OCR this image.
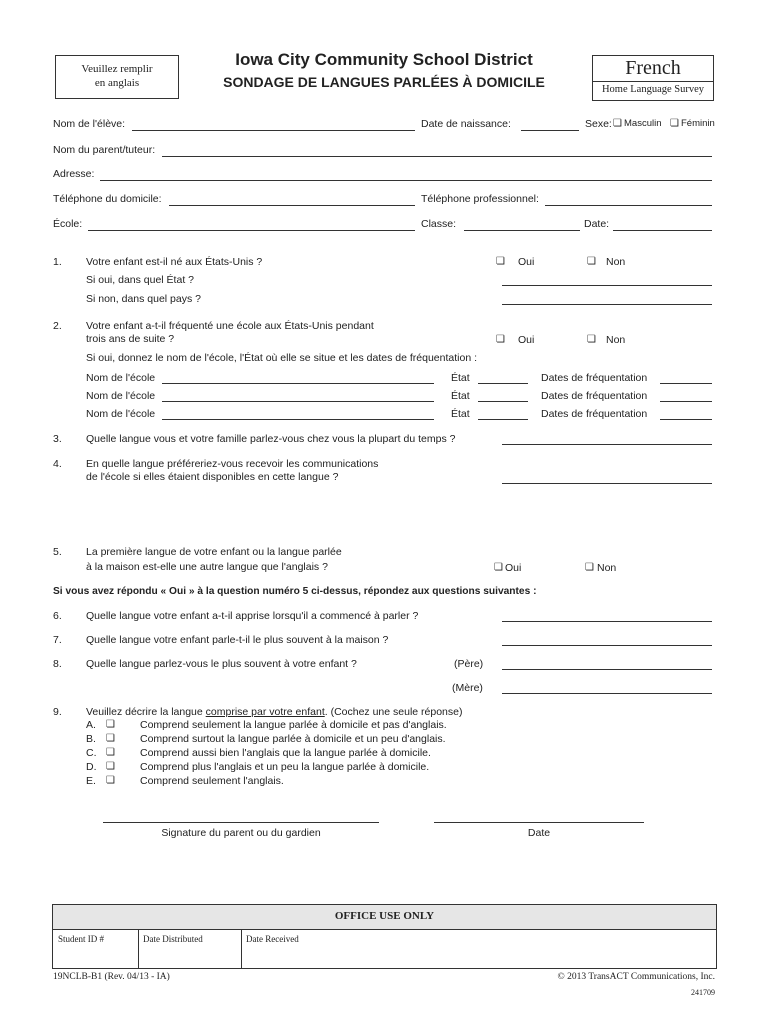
Veuillez remplir
en anglais
Iowa City Community School District
SONDAGE DE LANGUES PARLÉES À DOMICILE
French
Home Language Survey
Nom de l'élève:	Date de naissance:	Sexe: ❏ Masculin ❏ Féminin
Nom du parent/tuteur:
Adresse:
Téléphone du domicile:	Téléphone professionnel:
École:	Classe:	Date:
1. Votre enfant est-il né aux États-Unis ?	❏ Oui	❏ Non
Si oui, dans quel État ?
Si non, dans quel pays ?
2. Votre enfant a-t-il fréquenté une école aux États-Unis pendant
trois ans de suite ?	❏ Oui	❏ Non
Si oui, donnez le nom de l'école, l'État où elle se situe et les dates de fréquentation :
Nom de l'école	État	Dates de fréquentation
Nom de l'école	État	Dates de fréquentation
Nom de l'école	État	Dates de fréquentation
3. Quelle langue vous et votre famille parlez-vous chez vous la plupart du temps ?
4. En quelle langue préféreriez-vous recevoir les communications
de l'école si elles étaient disponibles en cette langue ?
5. La première langue de votre enfant ou la langue parlée
à la maison est-elle une autre langue que l'anglais ?	❏ Oui	❏ Non
Si vous avez répondu « Oui » à la question numéro 5 ci-dessus, répondez aux questions suivantes :
6. Quelle langue votre enfant a-t-il apprise lorsqu'il a commencé à parler ?
7. Quelle langue votre enfant parle-t-il le plus souvent à la maison ?
8. Quelle langue parlez-vous le plus souvent à votre enfant ?	(Père)
(Mère)
9. Veuillez décrire la langue comprise par votre enfant. (Cochez une seule réponse)
A. ❏ Comprend seulement la langue parlée à domicile et pas d'anglais.
B. ❏ Comprend surtout la langue parlée à domicile et un peu d'anglais.
C. ❏ Comprend aussi bien l'anglais que la langue parlée à domicile.
D. ❏ Comprend plus l'anglais et un peu la langue parlée à domicile.
E. ❏ Comprend seulement l'anglais.
Signature du parent ou du gardien	Date
OFFICE USE ONLY
Student ID #	Date Distributed	Date Received
19NCLB-B1 (Rev. 04/13 - IA)	© 2013 TransACT Communications, Inc.
241709
